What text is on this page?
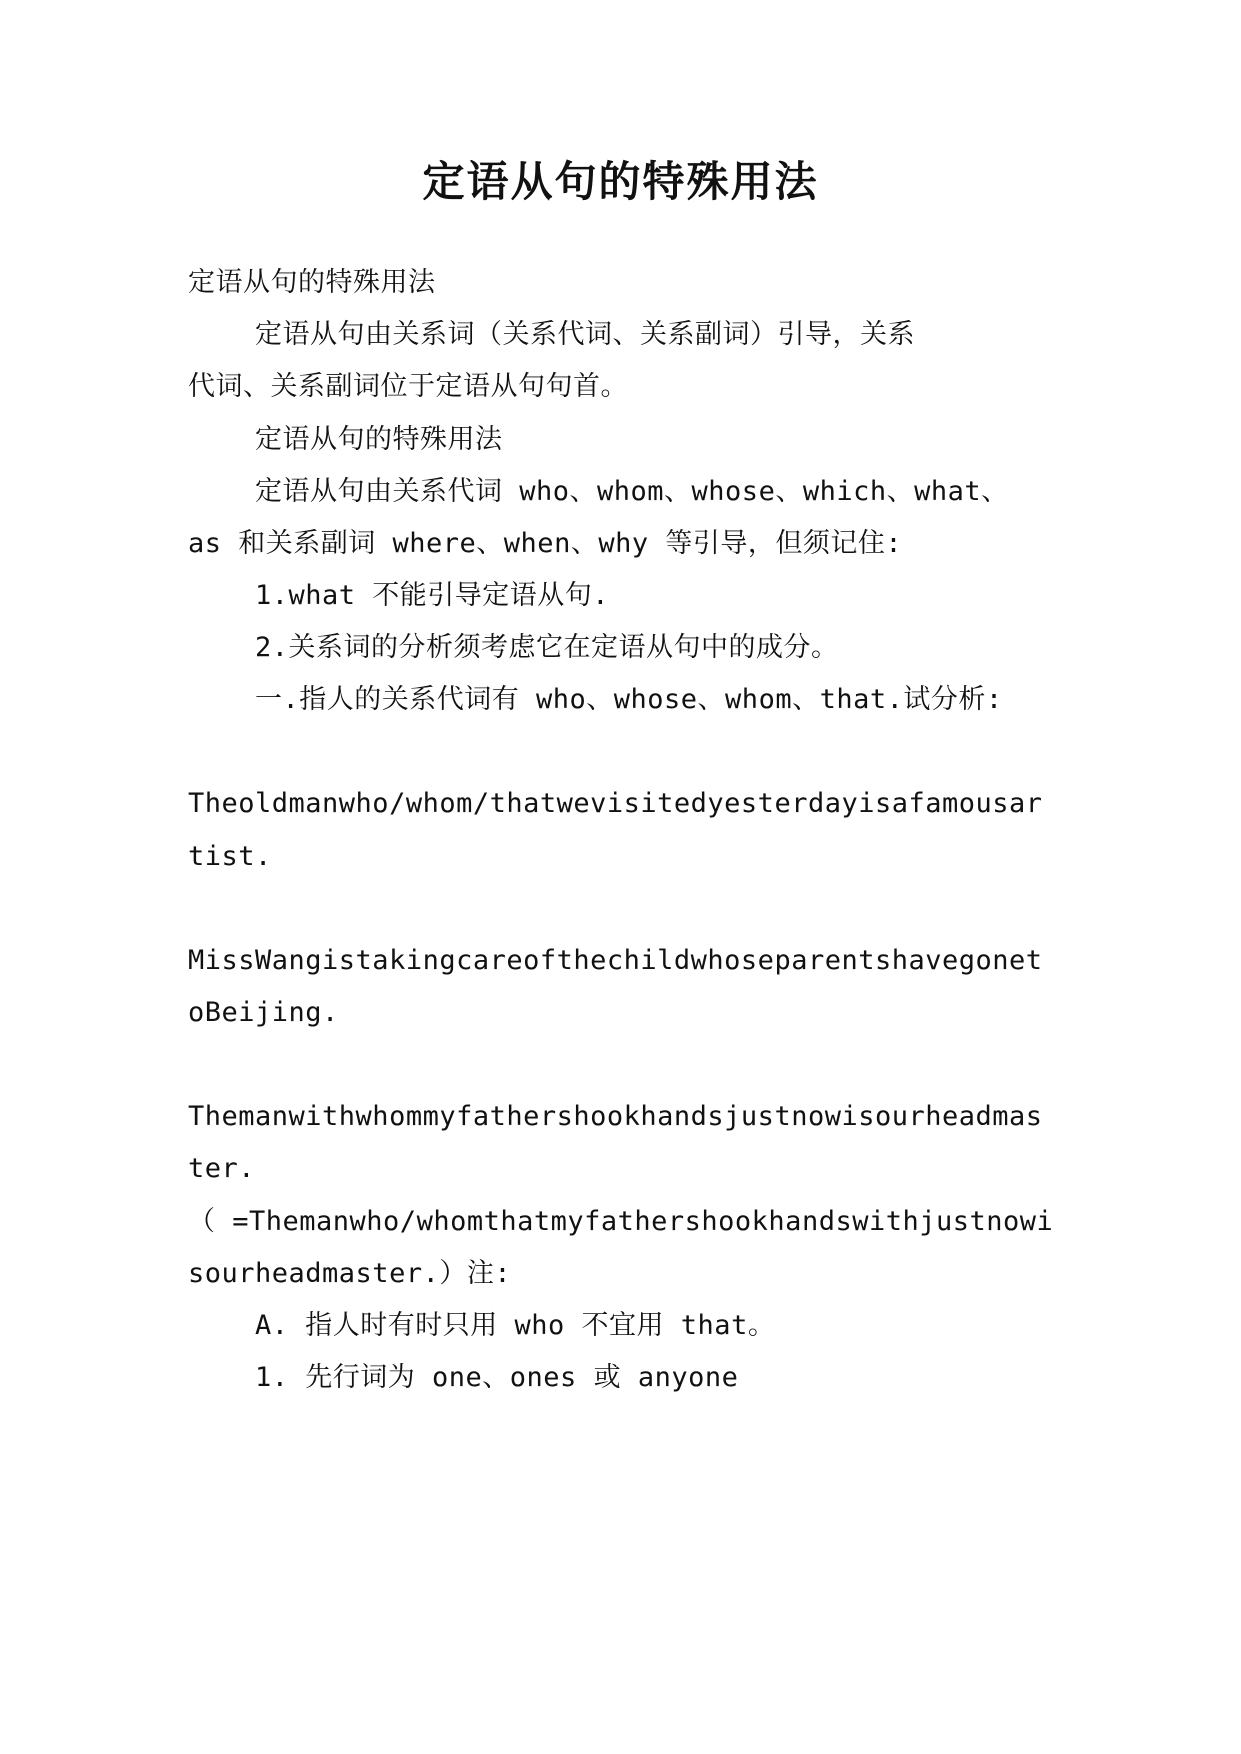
定语从句的特殊用法
定语从句的特殊用法
定语从句由关系词（关系代词、关系副词）引导，关系
代词、关系副词位于定语从句句首。
定语从句的特殊用法
定语从句由关系代词 who、whom、whose、which、what、
as 和关系副词 where、when、why 等引导，但须记住:
1.what 不能引导定语从句.
2.关系词的分析须考虑它在定语从句中的成分。
一.指人的关系代词有 who、whose、whom、that.试分析:
Theoldmanwho/whom/thatwevisitedyesterdayisafamousar
tist.
MissWangistakingcareofthechildwhoseparentshavegonet
oBeijing.
Themanwithwhommyfathershookhandsjustnowisourheadmas
ter.
（ =Themanwho/whomthatmyfathershookhandswithjustnowi
sourheadmaster.）注:
A. 指人时有时只用 who 不宜用 that。
1. 先行词为 one、ones 或 anyone
